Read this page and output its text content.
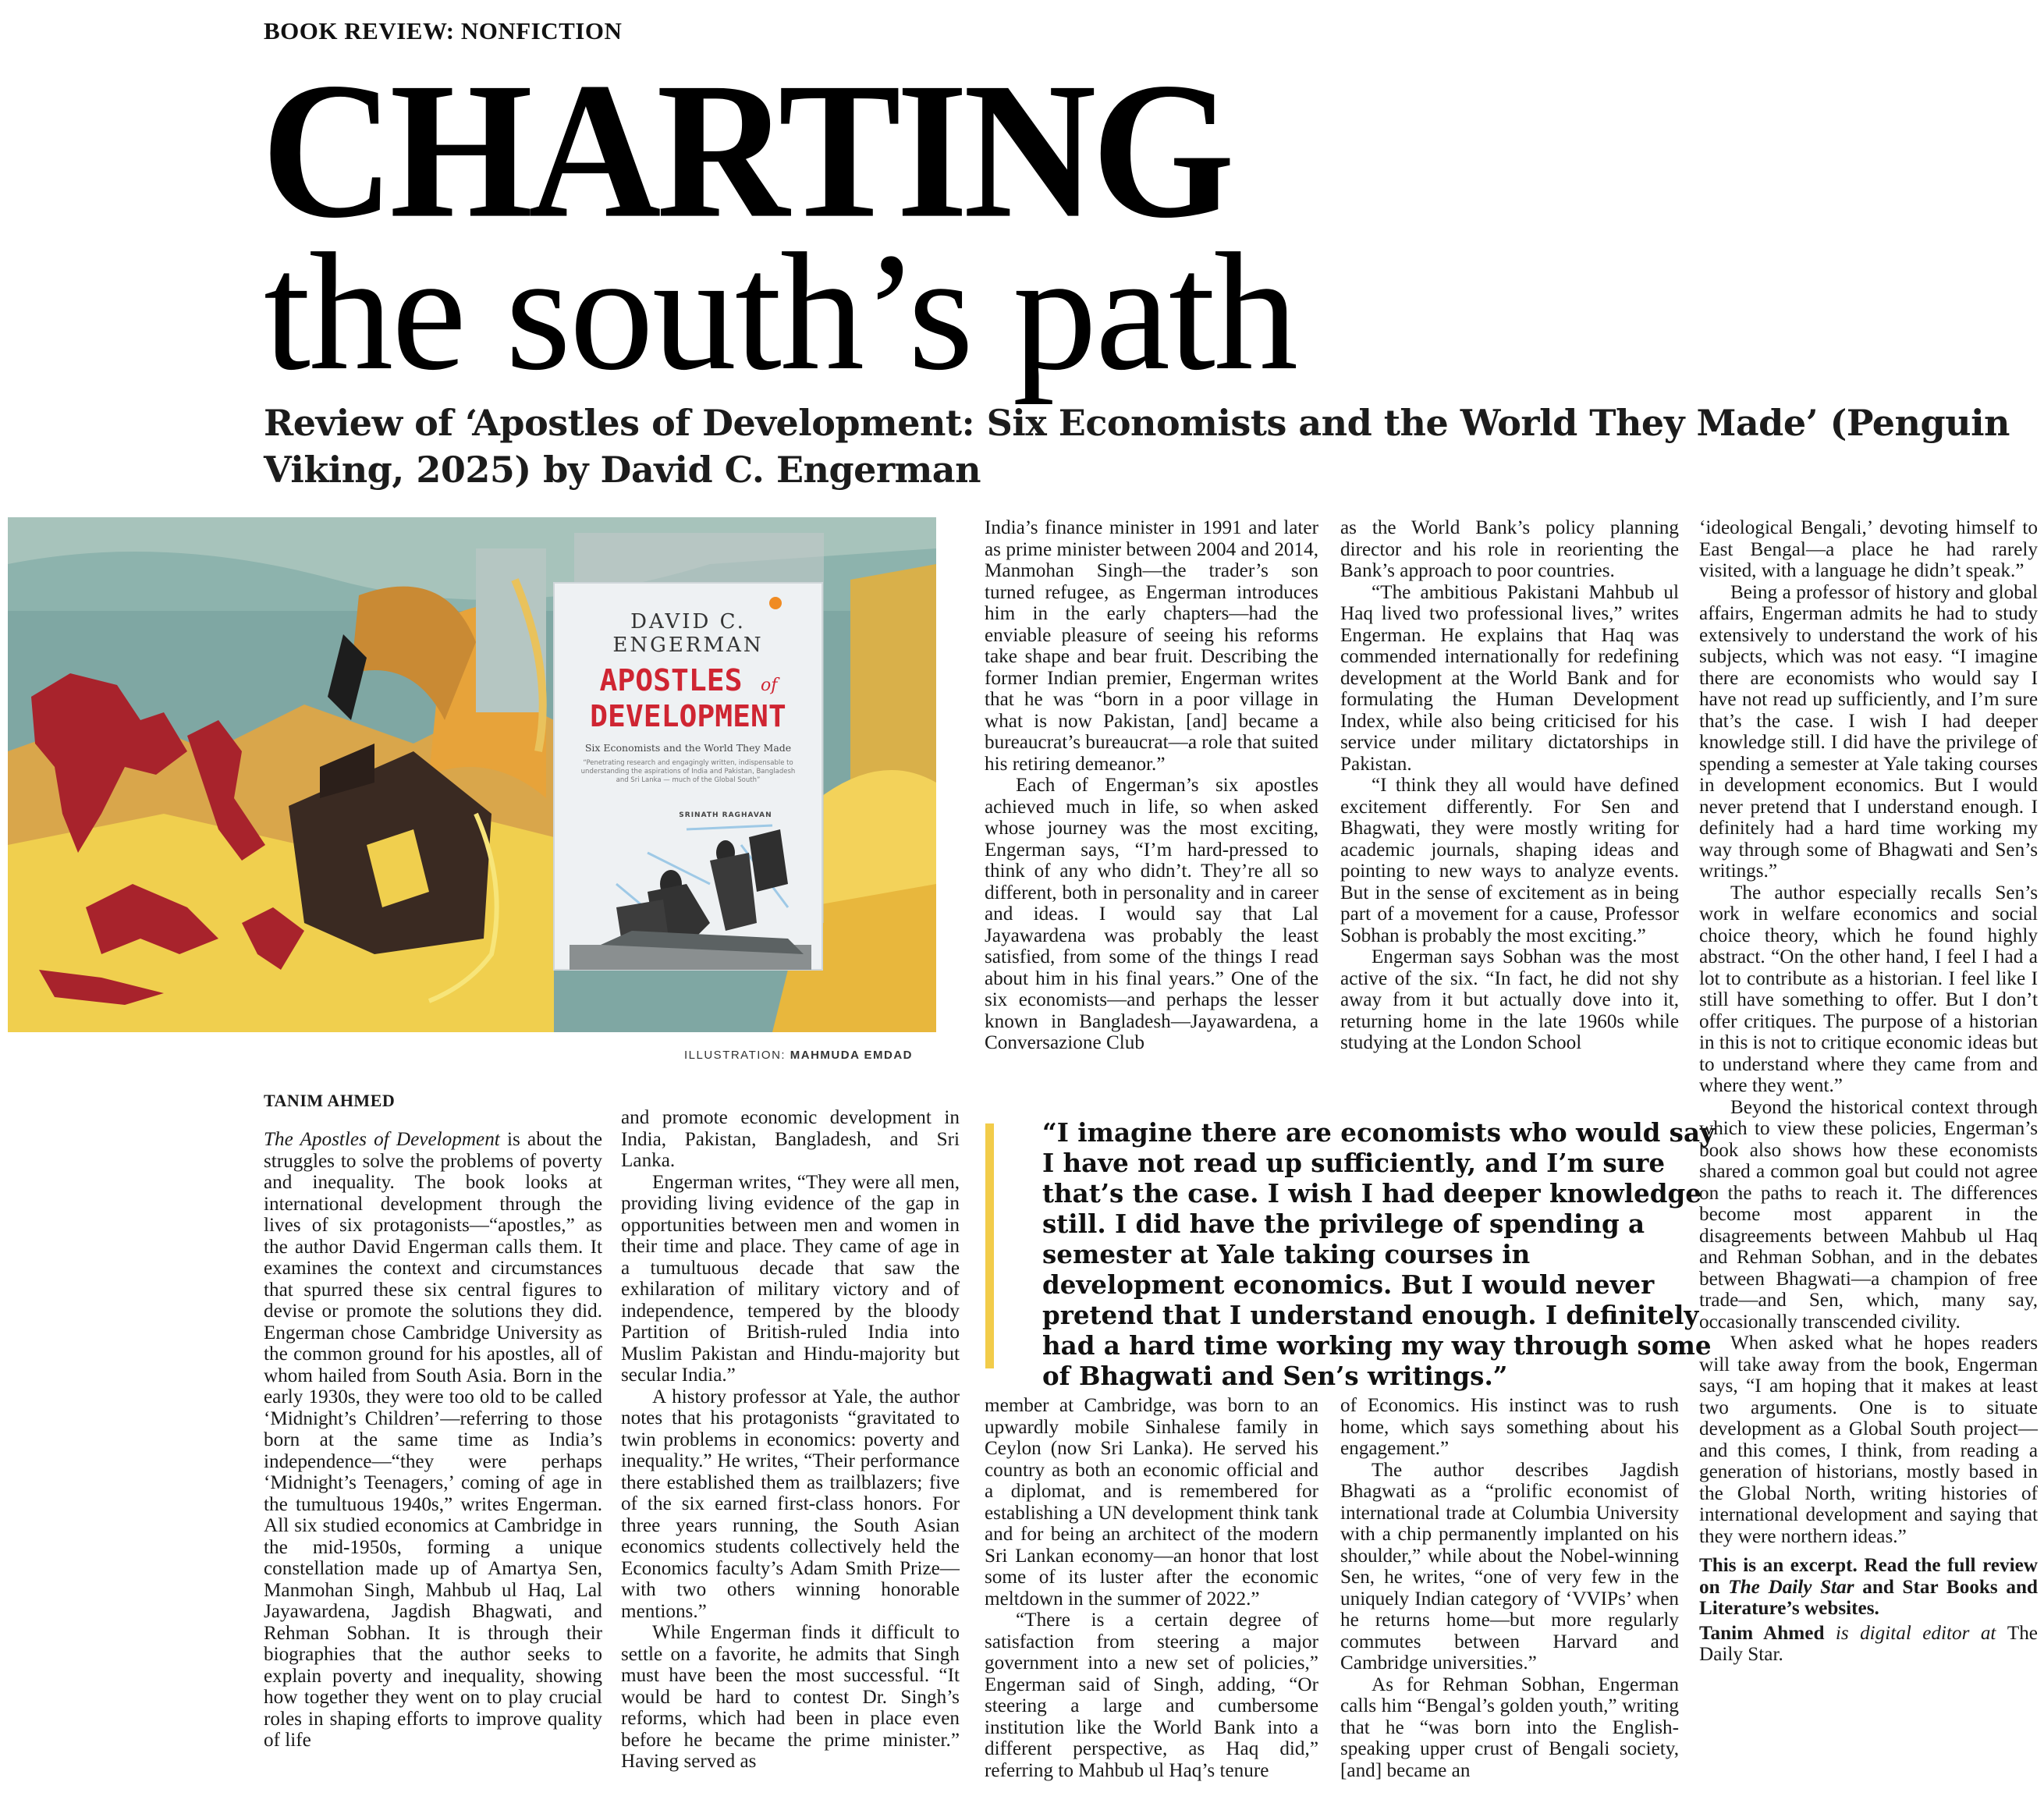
BOOK REVIEW: NONFICTION
CHARTING
the south’s path
Review of ‘Apostles of Development: Six Economists and the World They Made’ (Penguin Viking, 2025) by David C. Engerman
DAVID C.
ENGERMAN
APOSTLES of
DEVELOPMENT
Six Economists and the World They Made
“Penetrating research and engagingly written, indispensable to understanding the aspirations of India and Pakistan, Bangladesh and Sri Lanka — much of the Global South”
SRINATH RAGHAVAN
ILLUSTRATION: MAHMUDA EMDAD
TANIM AHMED

The Apostles of Development is about the struggles to solve the problems of poverty and inequality. The book looks at international development through the lives of six protagonists—“apostles,” as the author David Engerman calls them. It examines the context and circumstances that spurred these six central figures to devise or promote the solutions they did. Engerman chose Cambridge University as the common ground for his apostles, all of whom hailed from South Asia. Born in the early 1930s, they were too old to be called ‘Midnight’s Children’—referring to those born at the same time as India’s independence—“they were perhaps ‘Midnight’s Teenagers,’ coming of age in the tumultuous 1940s,” writes Engerman. All six studied economics at Cambridge in the mid-1950s, forming a unique constellation made up of Amartya Sen, Manmohan Singh, Mahbub ul Haq, Lal Jayawardena, Jagdish Bhagwati, and Rehman Sobhan. It is through their biographies that the author seeks to explain poverty and inequality, showing how together they went on to play crucial roles in shaping efforts to improve quality of life

and promote economic development in India, Pakistan, Bangladesh, and Sri Lanka.

Engerman writes, “They were all men, providing living evidence of the gap in opportunities between men and women in their time and place. They came of age in a tumultuous decade that saw the exhilaration of military victory and of independence, tempered by the bloody Partition of British-ruled India into Muslim Pakistan and Hindu-majority but secular India.”

A history professor at Yale, the author notes that his protagonists “gravitated to twin problems in economics: poverty and inequality.” He writes, “Their performance there established them as trailblazers; five of the six earned first-class honors. For three years running, the South Asian economics students collectively held the Economics faculty’s Adam Smith Prize—with two others winning honorable mentions.”

While Engerman finds it difficult to settle on a favorite, he admits that Singh must have been the most successful. “It would be hard to contest Dr. Singh’s reforms, which had been in place even before he became the prime minister.” Having served as

India’s finance minister in 1991 and later as prime minister between 2004 and 2014, Manmohan Singh—the trader’s son turned refugee, as Engerman introduces him in the early chapters—had the enviable pleasure of seeing his reforms take shape and bear fruit. Describing the former Indian premier, Engerman writes that he was “born in a poor village in what is now Pakistan, [and] became a bureaucrat’s bureaucrat—a role that suited his retiring demeanor.”

Each of Engerman’s six apostles achieved much in life, so when asked whose journey was the most exciting, Engerman says, “I’m hard-pressed to think of any who didn’t. They’re all so different, both in personality and in career and ideas. I would say that Lal Jayawardena was probably the least satisfied, from some of the things I read about him in his final years.” One of the six economists—and perhaps the lesser known in Bangladesh—Jayawardena, a Conversazione Club

as the World Bank’s policy planning director and his role in reorienting the Bank’s approach to poor countries.

“The ambitious Pakistani Mahbub ul Haq lived two professional lives,” writes Engerman. He explains that Haq was commended internationally for redefining development at the World Bank and for formulating the Human Development Index, while also being criticised for his service under military dictatorships in Pakistan.

“I think they all would have defined excitement differently. For Sen and Bhagwati, they were mostly writing for academic journals, shaping ideas and pointing to new ways to analyze events. But in the sense of excitement as in being part of a movement for a cause, Professor Sobhan is probably the most exciting.”

Engerman says Sobhan was the most active of the six. “In fact, he did not shy away from it but actually dove into it, returning home in the late 1960s while studying at the London School

“I imagine there are economists who would say I have not read up sufficiently, and I’m sure that’s the case. I wish I had deeper knowledge still. I did have the privilege of spending a semester at Yale taking courses in development economics. But I would never pretend that I understand enough. I definitely had a hard time working my way through some of Bhagwati and Sen’s writings.”

member at Cambridge, was born to an upwardly mobile Sinhalese family in Ceylon (now Sri Lanka). He served his country as both an economic official and a diplomat, and is remembered for establishing a UN development think tank and for being an architect of the modern Sri Lankan economy—an honor that lost some of its luster after the economic meltdown in the summer of 2022.”

“There is a certain degree of satisfaction from steering a major government into a new set of policies,” Engerman said of Singh, adding, “Or steering a large and cumbersome institution like the World Bank into a different perspective, as Haq did,” referring to Mahbub ul Haq’s tenure

of Economics. His instinct was to rush home, which says something about his engagement.”

The author describes Jagdish Bhagwati as a “prolific economist of international trade at Columbia University with a chip permanently implanted on his shoulder,” while about the Nobel-winning Sen, he writes, “one of very few in the uniquely Indian category of ‘VVIPs’ when he returns home—but more regularly commutes between Harvard and Cambridge universities.”

As for Rehman Sobhan, Engerman calls him “Bengal’s golden youth,” writing that he “was born into the English-speaking upper crust of Bengali society, [and] became an

‘ideological Bengali,’ devoting himself to East Bengal—a place he had rarely visited, with a language he didn’t speak.”

Being a professor of history and global affairs, Engerman admits he had to study extensively to understand the work of his subjects, which was not easy. “I imagine there are economists who would say I have not read up sufficiently, and I’m sure that’s the case. I wish I had deeper knowledge still. I did have the privilege of spending a semester at Yale taking courses in development economics. But I would never pretend that I understand enough. I definitely had a hard time working my way through some of Bhagwati and Sen’s writings.”

The author especially recalls Sen’s work in welfare economics and social choice theory, which he found highly abstract. “On the other hand, I feel I had a lot to contribute as a historian. I feel like I still have something to offer. But I don’t offer critiques. The purpose of a historian in this is not to critique economic ideas but to understand where they came from and where they went.”

Beyond the historical context through which to view these policies, Engerman’s book also shows how these economists shared a common goal but could not agree on the paths to reach it. The differences become most apparent in the disagreements between Mahbub ul Haq and Rehman Sobhan, and in the debates between Bhagwati—a champion of free trade—and Sen, which, many say, occasionally transcended civility.

When asked what he hopes readers will take away from the book, Engerman says, “I am hoping that it makes at least two arguments. One is to situate development as a Global South project—and this comes, I think, from reading a generation of historians, mostly based in the Global North, writing histories of international development and saying that they were northern ideas.”

This is an excerpt. Read the full review on The Daily Star and Star Books and Literature’s websites.

Tanim Ahmed is digital editor at The Daily Star.
